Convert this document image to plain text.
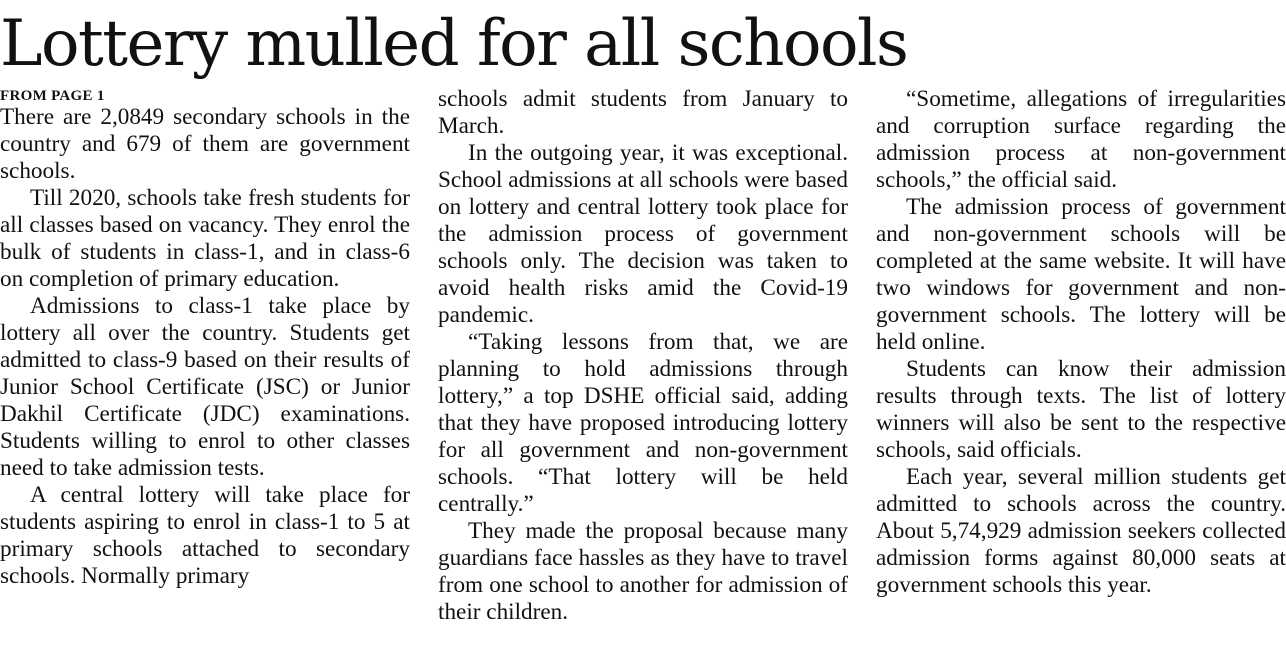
Lottery mulled for all schools
FROM PAGE 1

There are 2,0849 secondary schools in the country and 679 of them are government schools.

Till 2020, schools take fresh students for all classes based on vacancy. They enrol the bulk of students in class-1, and in class-6 on completion of primary education.

Admissions to class-1 take place by lottery all over the country. Students get admitted to class-9 based on their results of Junior School Certificate (JSC) or Junior Dakhil Certificate (JDC) examinations. Students willing to enrol to other classes need to take admission tests.

A central lottery will take place for students aspiring to enrol in class-1 to 5 at primary schools attached to secondary schools. Normally primary

schools admit students from January to March.

In the outgoing year, it was exceptional. School admissions at all schools were based on lottery and central lottery took place for the admission process of government schools only. The decision was taken to avoid health risks amid the Covid-19 pandemic.

“Taking lessons from that, we are planning to hold admissions through lottery,” a top DSHE official said, adding that they have proposed introducing lottery for all government and non-government schools. “That lottery will be held centrally.”

They made the proposal because many guardians face hassles as they have to travel from one school to another for admission of their children.

“Sometime, allegations of irregularities and corruption surface regarding the admission process at non-government schools,” the official said.

The admission process of government and non-government schools will be completed at the same website. It will have two windows for government and non-government schools. The lottery will be held online.

Students can know their admission results through texts. The list of lottery winners will also be sent to the respective schools, said officials.

Each year, several million students get admitted to schools across the country. About 5,74,929 admission seekers collected admission forms against 80,000 seats at government schools this year.
